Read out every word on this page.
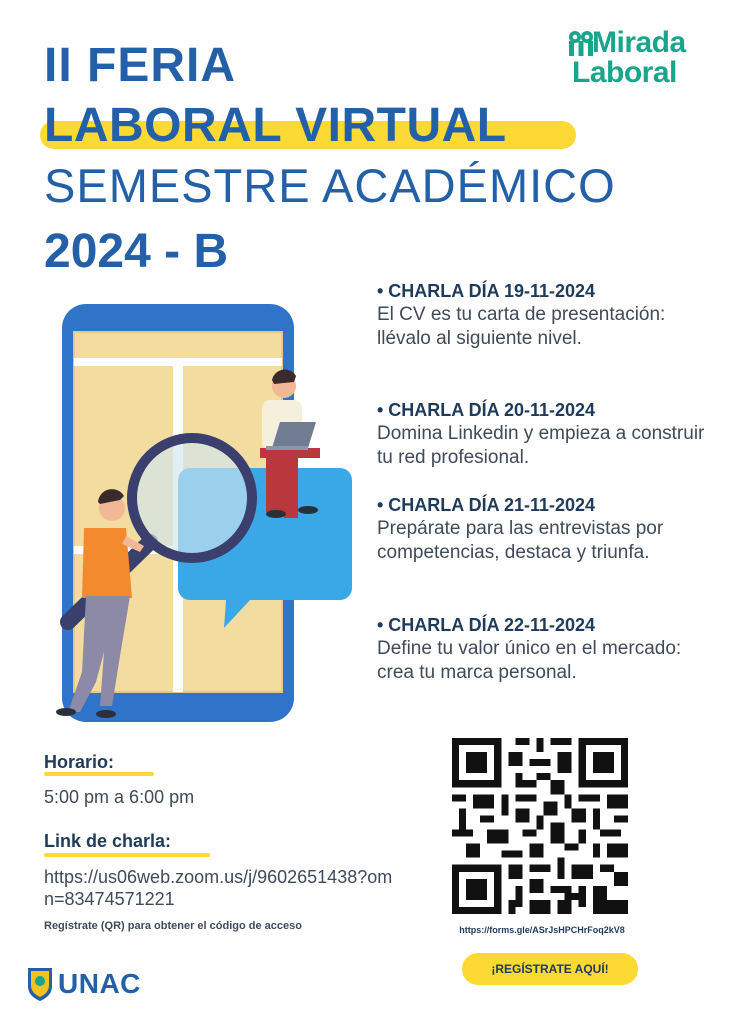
II FERIA
LABORAL VIRTUAL
SEMESTRE ACADÉMICO
2024 - B
Mirada
Laboral
• CHARLA DÍA 19-11-2024
El CV es tu carta de presentación: llévalo al siguiente nivel.
• CHARLA DÍA 20-11-2024
Domina Linkedin y empieza a construir tu red profesional.
• CHARLA DÍA 21-11-2024
Prepárate para las entrevistas por competencias, destaca y triunfa.
• CHARLA DÍA 22-11-2024
Define tu valor único en el mercado: crea tu marca personal.
Horario:
5:00 pm a 6:00 pm
Link de charla:
https://us06web.zoom.us/j/9602651438?omn=83474571221
Regístrate (QR) para obtener el código de acceso	https://forms.gle/ASrJsHPCHrFoq2kV8
¡REGÍSTRATE AQUÍ!
UNAC
